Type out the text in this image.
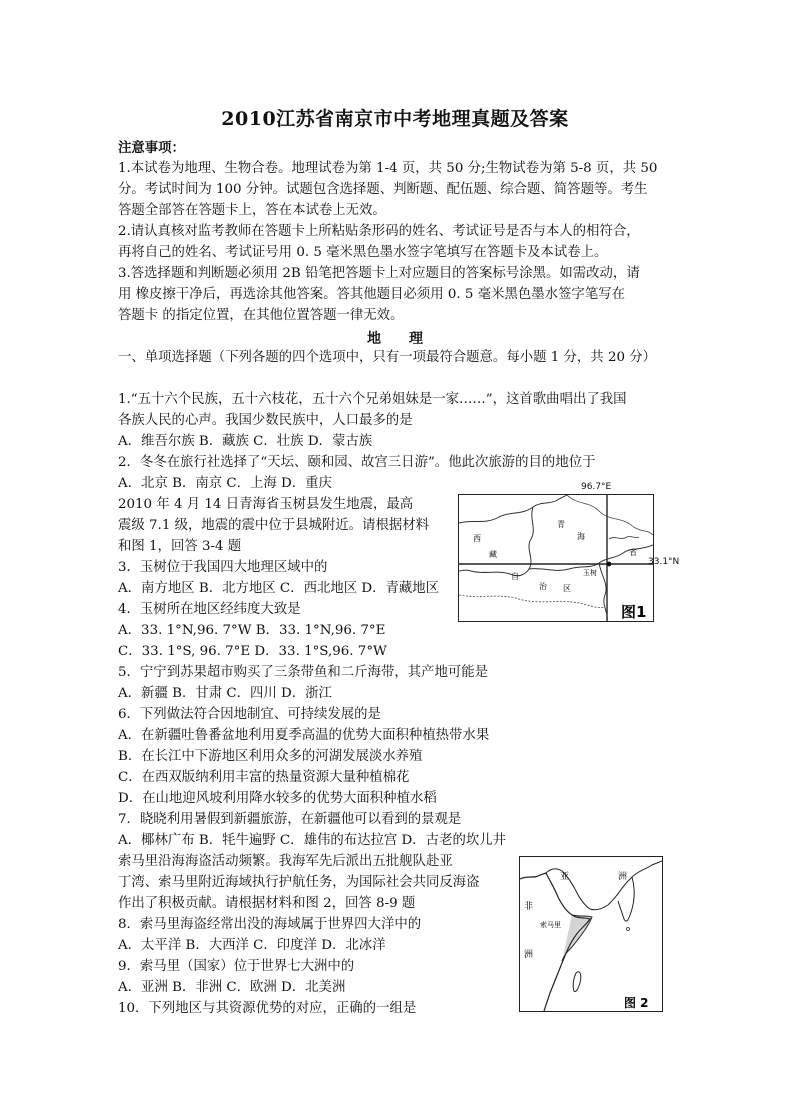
2010江苏省南京市中考地理真题及答案
注意事项：
1.本试卷为地理、生物合卷。地理试卷为第 1-4 页，共 50 分;生物试卷为第 5-8 页，共 50
分。考试时间为 100 分钟。试题包含选择题、判断题、配伍题、综合题、简答题等。考生
答题全部答在答题卡上，答在本试卷上无效。
2.请认真核对监考教师在答题卡上所粘贴条形码的姓名、考试证号是否与本人的相符合，
再将自己的姓名、考试证号用 0. 5 毫米黑色墨水签字笔填写在答题卡及本试卷上。
3.答选择题和判断题必须用 2B 铅笔把答题卡上对应题目的答案标号涂黑。如需改动，请
用 橡皮擦干净后，再选涂其他答案。答其他题目必须用 0. 5 毫米黑色墨水签字笔写在
答题卡 的指定位置，在其他位置答题一律无效。
地 理
一、单项选择题（下列各题的四个选项中，只有一项最符合题意。每小题 1 分，共 20 分）
1.“五十六个民族，五十六枝花，五十六个兄弟姐妹是一家……”，这首歌曲唱出了我国
各族人民的心声。我国少数民族中，人口最多的是
A．维吾尔族 B．藏族 C．壮族 D．蒙古族
2．冬冬在旅行社选择了“天坛、颐和园、故宫三日游”。他此次旅游的目的地位于
A．北京 B．南京 C．上海 D．重庆
2010 年 4 月 14 日青海省玉树县发生地震，最高
震级 7.1 级，地震的震中位于县城附近。请根据材料
和图 1，回答 3-4 题
3．玉树位于我国四大地理区域中的
A．南方地区 B．北方地区 C．西北地区 D．青藏地区
4．玉树所在地区经纬度大致是
A．33. 1°N,96. 7°W B．33. 1°N,96. 7°E
C．33. 1°S, 96. 7°E D．33. 1°S,96. 7°W
5．宁宁到苏果超市购买了三条带鱼和二斤海带，其产地可能是
A．新疆 B．甘肃 C．四川 D．浙江
6．下列做法符合因地制宜、可持续发展的是
A．在新疆吐鲁番盆地利用夏季高温的优势大面积种植热带水果
B．在长江中下游地区利用众多的河湖发展淡水养殖
C．在西双版纳利用丰富的热量资源大量种植棉花
D．在山地迎风坡利用降水较多的优势大面积种植水稻
7．晓晓利用暑假到新疆旅游，在新疆他可以看到的景观是
A．椰林广布 B．牦牛遍野 C．雄伟的布达拉宫 D．古老的坎儿井
索马里沿海海盗活动频繁。我海军先后派出五批舰队赴亚
丁湾、索马里附近海域执行护航任务，为国际社会共同反海盗
作出了积极贡献。请根据材料和图 2，回答 8-9 题
8．索马里海盗经常出没的海域属于世界四大洋中的
A．太平洋 B．大西洋 C．印度洋 D．北冰洋
9．索马里（国家）位于世界七大洲中的
A．亚洲 B．非洲 C．欧洲 D．北美洲
10．下列地区与其资源优势的对应，正确的一组是
西
藏
青
海
省
自
治 区
玉树
图1
96.7°E
33.1°N
亚	洲
非
洲
索马里
图 2
